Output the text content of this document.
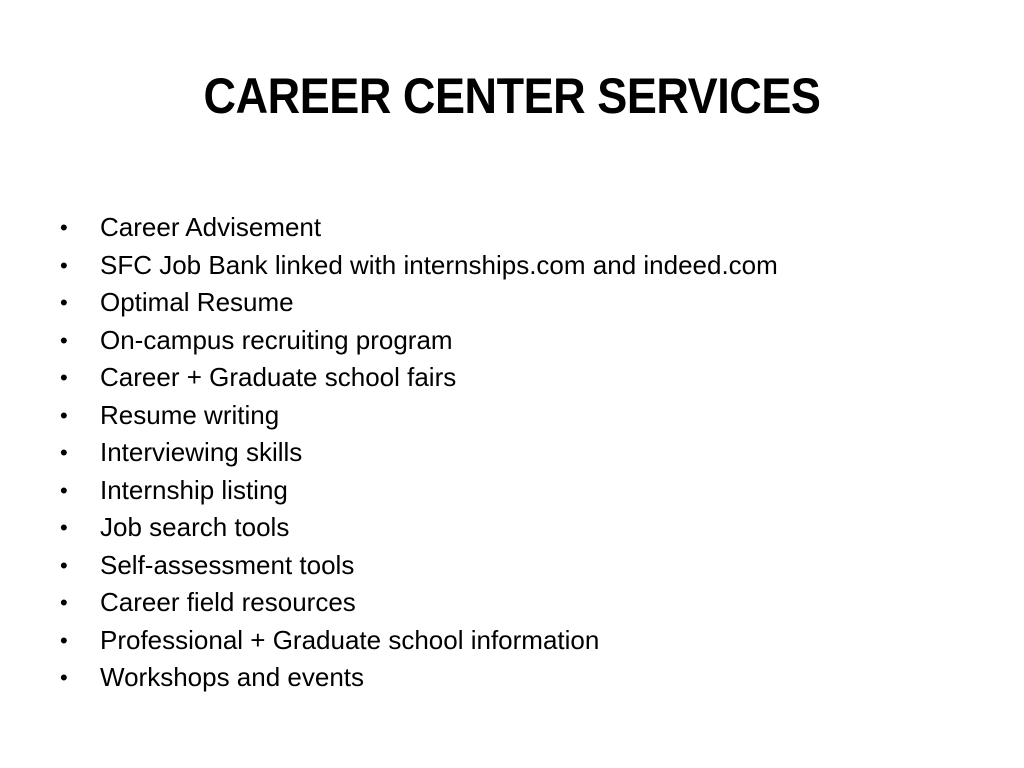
CAREER CENTER SERVICES
• Career Advisement
• SFC Job Bank linked with internships.com and indeed.com
• Optimal Resume
• On-campus recruiting program
• Career + Graduate school fairs
• Resume writing
• Interviewing skills
• Internship listing
• Job search tools
• Self-assessment tools
• Career field resources
• Professional + Graduate school information
• Workshops and events
